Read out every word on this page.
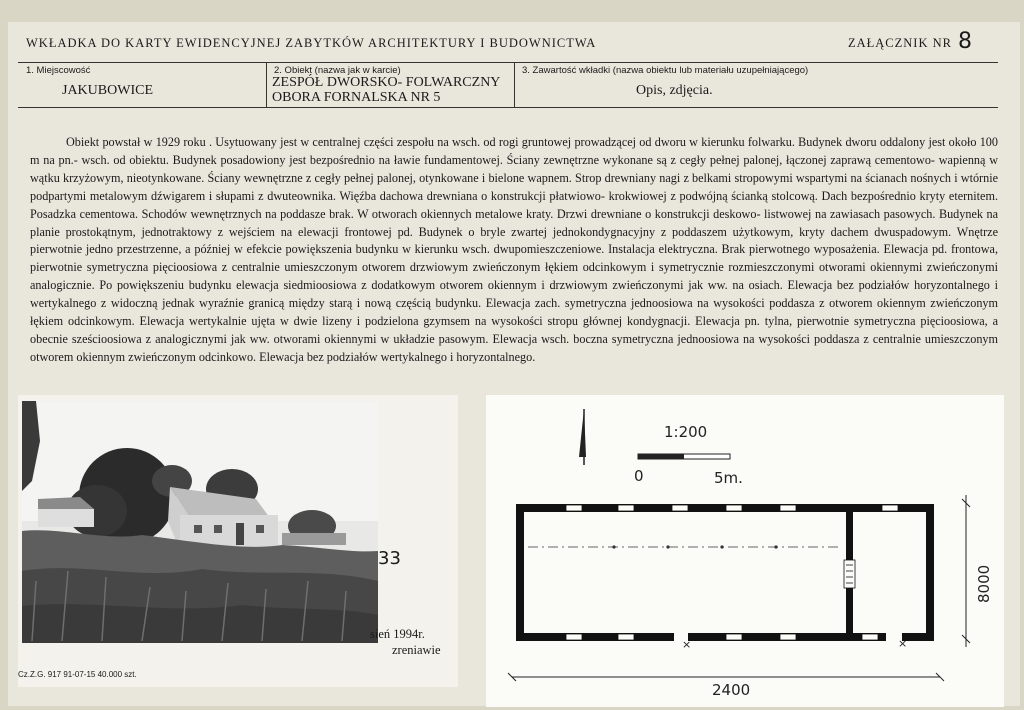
WKŁADKA DO KARTY EWIDENCYJNEJ ZABYTKÓW ARCHITEKTURY I BUDOWNICTWA	ZAŁĄCZNIK NR 8
1. Miejscowość
JAKUBOWICE
2. Obiekt (nazwa jak w karcie)
ZESPÓŁ DWORSKO- FOLWARCZNY
OBORA FORNALSKA NR 5
3. Zawartość wkładki (nazwa obiektu lub materiału uzupełniającego)
Opis, zdjęcia.

Obiekt powstał w 1929 roku . Usytuowany jest w centralnej części zespołu na wsch. od rogi gruntowej prowadzącej od dworu w kierunku folwarku. Budynek dworu oddalony jest około 100 m na pn.- wsch. od obiektu. Budynek posadowiony jest bezpośrednio na ławie fundamentowej. Ściany zewnętrzne wykonane są z cegły pełnej palonej, łączonej zaprawą cementowo- wapienną w wątku krzyżowym, nieotynkowane. Ściany wewnętrzne z cegły pełnej palonej, otynkowane i bielone wapnem. Strop drewniany nagi z belkami stropowymi wspartymi na ścianach nośnych i wtórnie podpartymi metalowym dźwigarem i słupami z dwuteownika. Więźba dachowa drewniana o konstrukcji płatwiowo- krokwiowej z podwójną ścianką stolcową. Dach bezpośrednio kryty eternitem. Posadzka cementowa. Schodów wewnętrznych na poddasze brak. W otworach okiennych metalowe kraty. Drzwi drewniane o konstrukcji deskowo- listwowej na zawiasach pasowych. Budynek na planie prostokątnym, jednotraktowy z wejściem na elewacji frontowej pd. Budynek o bryle zwartej jednokondygnacyjny z poddaszem użytkowym, kryty dachem dwuspadowym. Wnętrze pierwotnie jedno przestrzenne, a później w efekcie powiększenia budynku w kierunku wsch. dwupomieszczeniowe. Instalacja elektryczna. Brak pierwotnego wyposażenia. Elewacja pd. frontowa, pierwotnie symetryczna pięcioosiowa z centralnie umieszczonym otworem drzwiowym zwieńczonym łękiem odcinkowym i symetrycznie rozmieszczonymi otworami okiennymi zwieńczonymi analogicznie. Po powiększeniu budynku elewacja siedmioosiowa z dodatkowym otworem okiennym i drzwiowym zwieńczonymi jak ww. na osiach. Elewacja bez podziałów horyzontalnego i wertykalnego z widoczną jednak wyraźnie granicą między starą i nową częścią budynku. Elewacja zach. symetryczna jednoosiowa na wysokości poddasza z otworem okiennym zwieńczonym łękiem odcinkowym. Elewacja wertykalnie ujęta w dwie lizeny i podzielona gzymsem na wysokości stropu głównej kondygnacji. Elewacja pn. tylna, pierwotnie symetryczna pięcioosiowa, a obecnie sześcioosiowa z analogicznymi jak ww. otworami okiennymi w układzie pasowym. Elewacja wsch. boczna symetryczna jednoosiowa na wysokości poddasza z centralnie umieszczonym otworem okiennym zwieńczonym odcinkowo. Elewacja bez podziałów wertykalnego i horyzontalnego.

33
sień 1994r.
zreniawie
Cz.Z.G. 917 91-07-15 40.000 szt.
1:200
0	5m.
×	×
2400
8000
